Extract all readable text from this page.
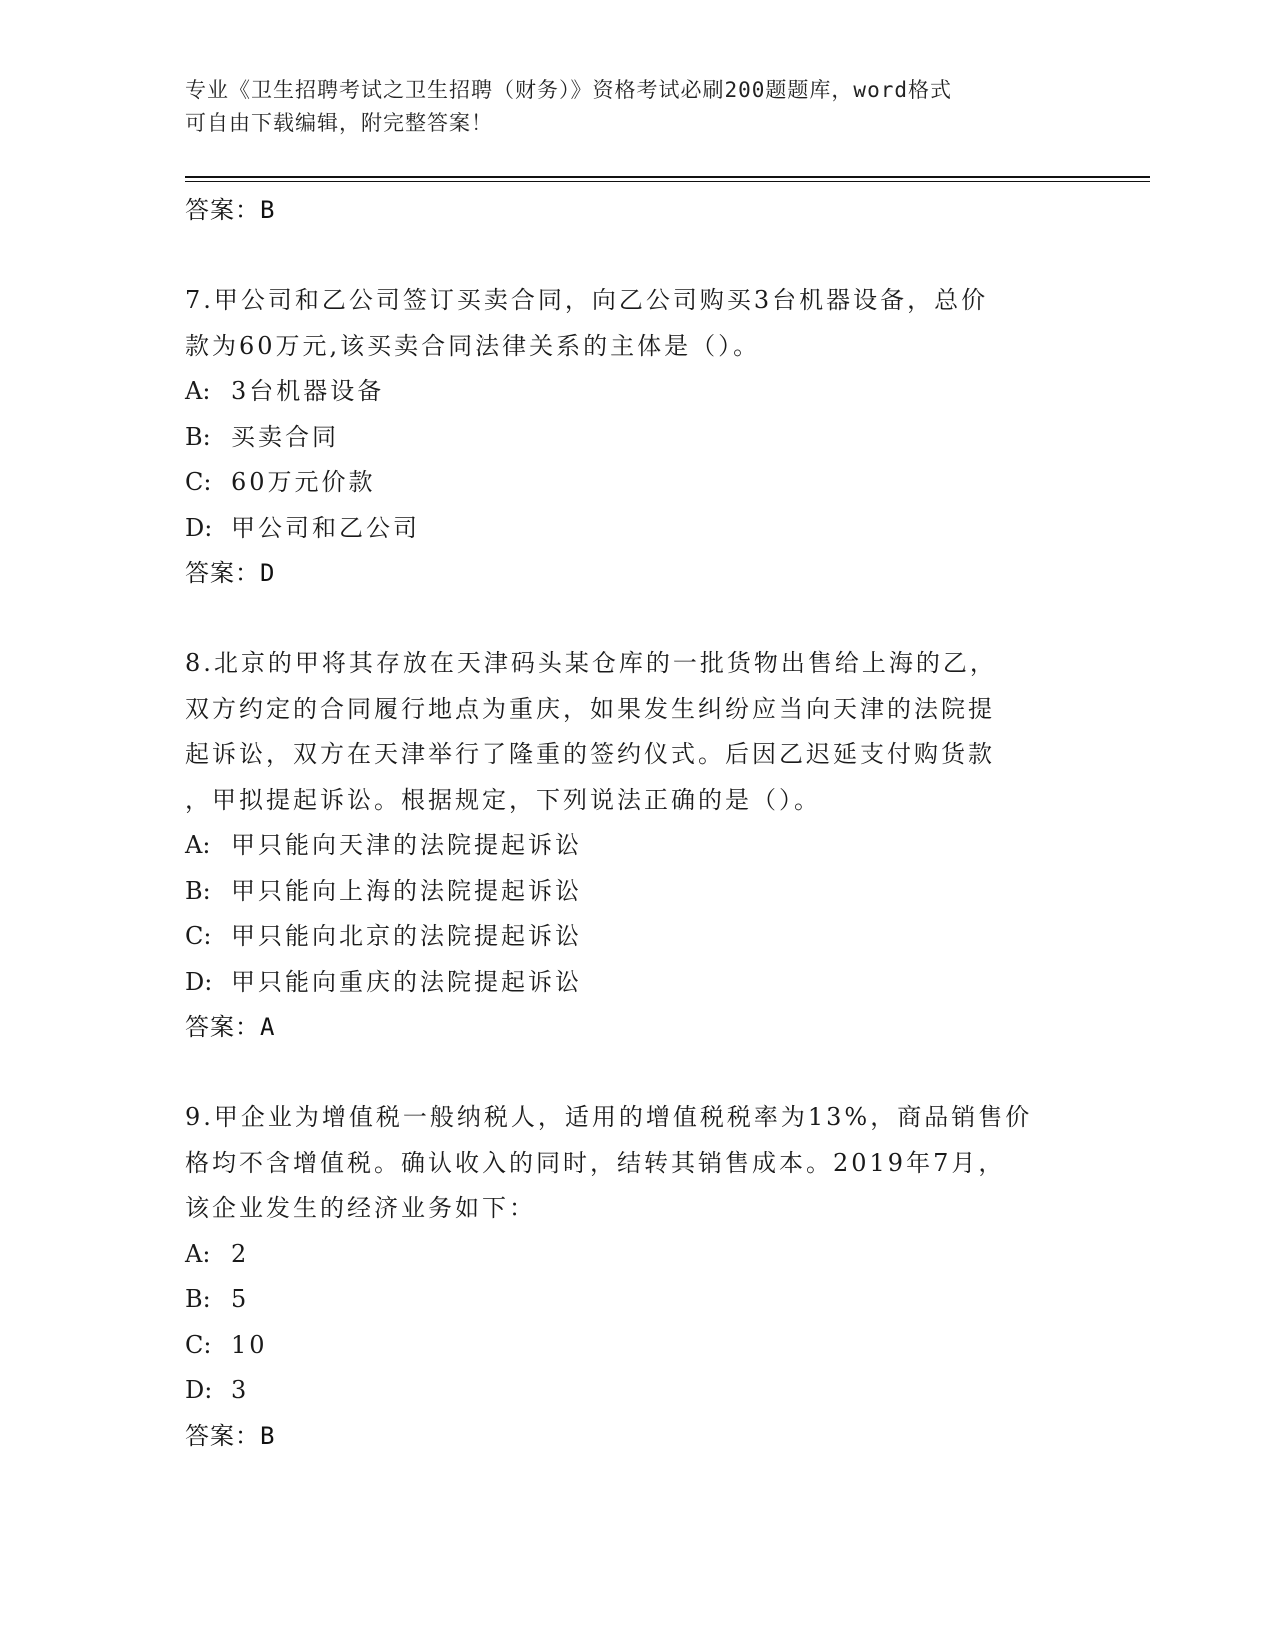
专业《卫生招聘考试之卫生招聘（财务）》资格考试必刷200题题库，word格式
可自由下载编辑，附完整答案！
答案：B
7.甲公司和乙公司签订买卖合同，向乙公司购买3台机器设备，总价
款为60万元,该买卖合同法律关系的主体是（）。
A: 3台机器设备
B: 买卖合同
C: 60万元价款
D: 甲公司和乙公司
答案：D
8.北京的甲将其存放在天津码头某仓库的一批货物出售给上海的乙，
双方约定的合同履行地点为重庆，如果发生纠纷应当向天津的法院提
起诉讼，双方在天津举行了隆重的签约仪式。后因乙迟延支付购货款
，甲拟提起诉讼。根据规定，下列说法正确的是（）。
A: 甲只能向天津的法院提起诉讼
B: 甲只能向上海的法院提起诉讼
C: 甲只能向北京的法院提起诉讼
D: 甲只能向重庆的法院提起诉讼
答案：A
9.甲企业为增值税一般纳税人，适用的增值税税率为13%，商品销售价
格均不含增值税。确认收入的同时，结转其销售成本。2019年7月，
该企业发生的经济业务如下：
A: 2
B: 5
C: 10
D: 3
答案：B
